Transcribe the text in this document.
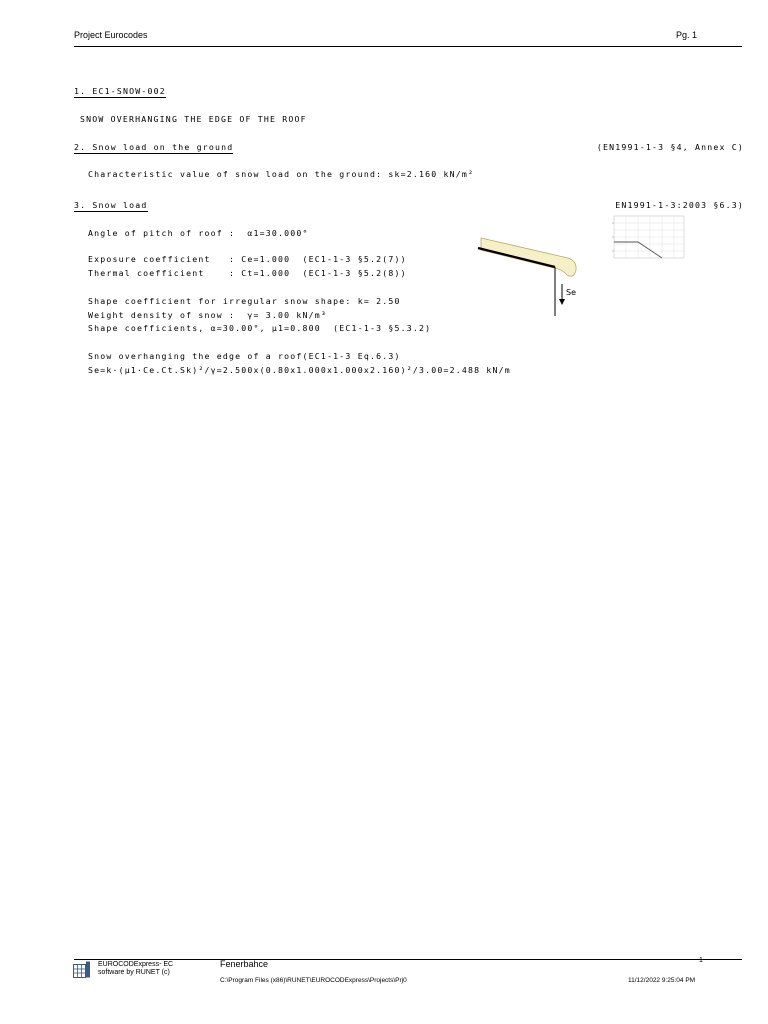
Project Eurocodes	Pg. 1
1. EC1-SNOW-002
SNOW OVERHANGING THE EDGE OF THE ROOF
2. Snow load on the ground	(EN1991-1-3 §4, Annex C)
Characteristic value of snow load on the ground: sk=2.160 kN/m²
3. Snow load	EN1991-1-3:2003 §6.3)
Angle of pitch of roof :  α1=30.000°
Exposure coefficient   : Ce=1.000  (EC1-1-3 §5.2(7))
Thermal coefficient    : Ct=1.000  (EC1-1-3 §5.2(8))
Shape coefficient for irregular snow shape: k= 2.50
Weight density of snow :  γ= 3.00 kN/m³
Shape coefficients, α=30.00°, μ1=0.800  (EC1-1-3 §5.3.2)
Snow overhanging the edge of a roof(EC1-1-3 Eq.6.3)
Se=k·(μ1·Ce.Ct.Sk)²/γ=2.500x(0.80x1.000x1.000x2.160)²/3.00=2.488 kN/m
Se
EUROCODExpress- EC
software by RUNET (c)
Fenerbahce
C:\Program Files (x86)\RUNET\EUROCODExpress\Projects\Prj0
1
11/12/2022 9:25:04 PM
